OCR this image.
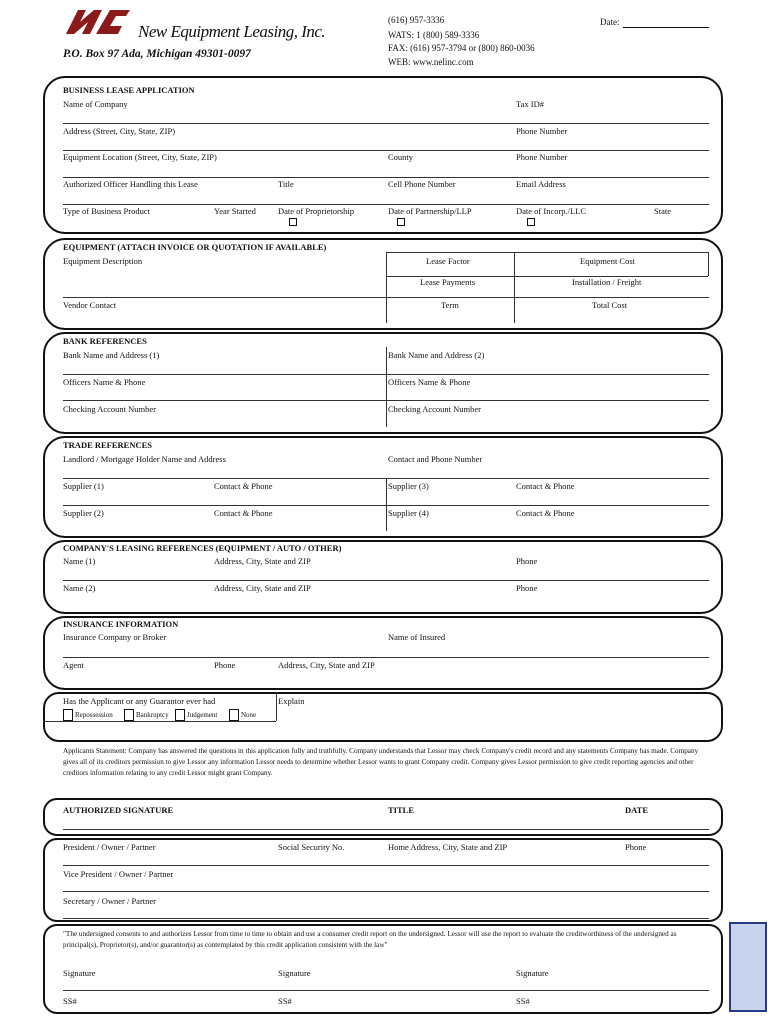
New Equipment Leasing, Inc.
P.O. Box 97 Ada, Michigan 49301-0097
(616) 957-3336
WATS: 1 (800) 589-3336
FAX: (616) 957-3794 or (800) 860-0036
WEB: www.nelinc.com
Date:
BUSINESS LEASE APPLICATION
Name of Company	Tax ID#
Address (Street, City, State, ZIP)	Phone Number
Equipment Location (Street, City, State, ZIP)	County	Phone Number
Authorized Officer Handling this Lease	Title	Cell Phone Number	Email Address
Type of Business Product	Year Started	Date of Proprietorship	Date of Partnership/LLP	Date of Incorp./LLC	State
EQUIPMENT (ATTACH INVOICE OR QUOTATION IF AVAILABLE)
Equipment Description	Lease Factor	Equipment Cost
Lease Payments	Installation / Freight
Vendor Contact	Term	Total Cost
BANK REFERENCES
Bank Name and Address (1)	Bank Name and Address (2)
Officers Name & Phone	Officers Name & Phone
Checking Account Number	Checking Account Number
TRADE REFERENCES
Landlord / Mortgage Holder Name and Address	Contact and Phone Number
Supplier (1)	Contact & Phone	Supplier (3)	Contact & Phone
Supplier (2)	Contact & Phone	Supplier (4)	Contact & Phone
COMPANY'S LEASING REFERENCES (EQUIPMENT / AUTO / OTHER)
Name (1)	Address, City, State and ZIP	Phone
Name (2)	Address, City, State and ZIP	Phone
INSURANCE INFORMATION
Insurance Company or Broker	Name of Insured
Agent	Phone	Address, City, State and ZIP
Has the Applicant or any Guarantor ever had	Explain
Repossession	Bankruptcy	Judgement	None
Applicants Statement: Company has answered the questions in this application fully and truthfully. Company understands that Lessor may check Company's credit record and any statements Company has made. Company gives all of its creditors permission to give Lessor any information Lessor needs to determine whether Lessor wants to grant Company credit. Company gives Lessor permission to give credit reporting agencies and other creditors information relating to any credit Lessor might grant Company.
AUTHORIZED SIGNATURE	TITLE	DATE
President / Owner / Partner	Social Security No.	Home Address, City, State and ZIP	Phone
Vice President / Owner / Partner
Secretary / Owner / Partner
"The undersigned consents to and authorizes Lessor from time to time to obtain and use a consumer credit report on the undersigned. Lessor will use the report to evaluate the creditworthiness of the undersigned as principal(s), Proprietor(s), and/or guarantor(s) as contemplated by this credit application consistent with the law"
Signature	Signature	Signature
SS#	SS#	SS#
